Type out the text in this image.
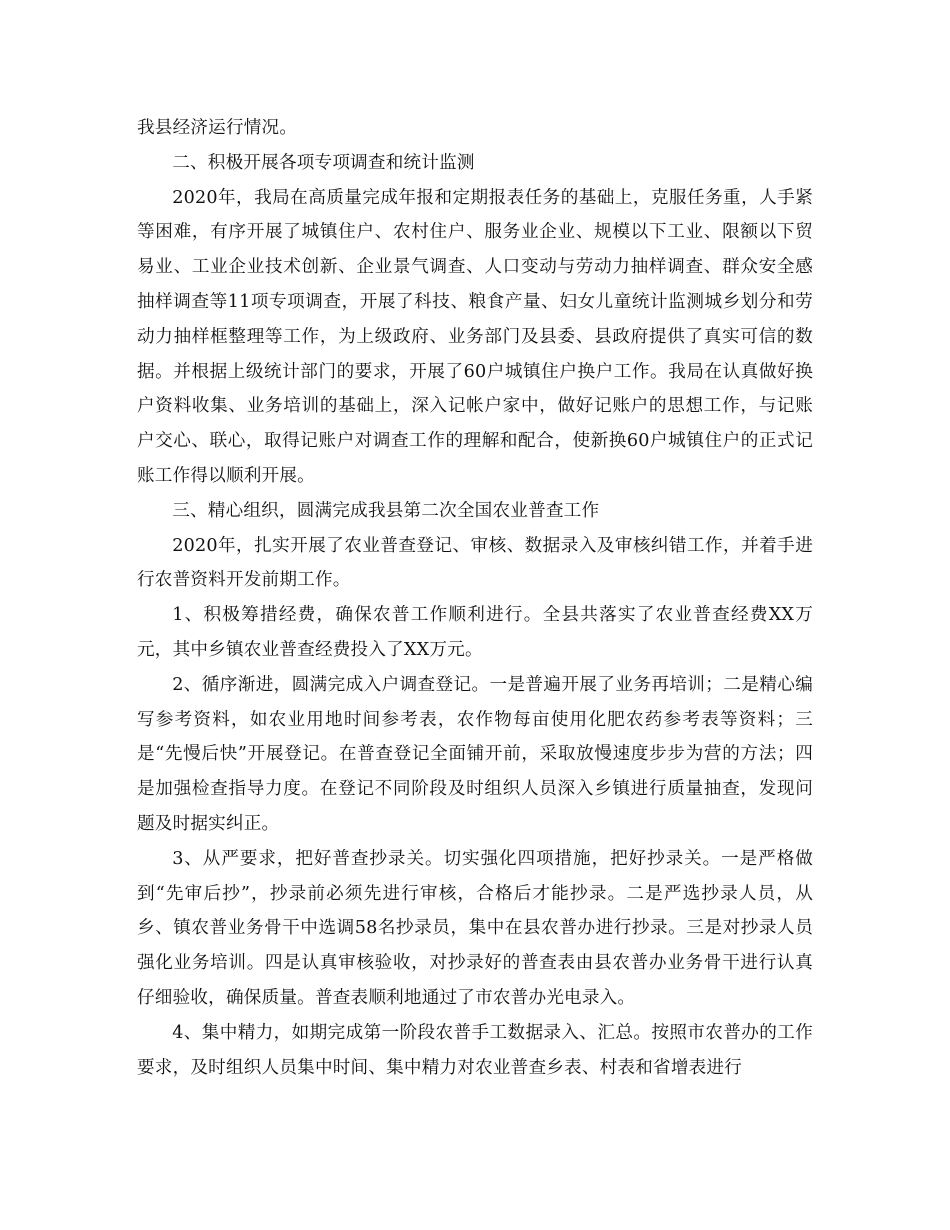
我县经济运行情况。

二、积极开展各项专项调查和统计监测

2020年，我局在高质量完成年报和定期报表任务的基础上，克服任务重，人手紧等困难，有序开展了城镇住户、农村住户、服务业企业、规模以下工业、限额以下贸易业、工业企业技术创新、企业景气调查、人口变动与劳动力抽样调查、群众安全感抽样调查等11项专项调查，开展了科技、粮食产量、妇女儿童统计监测城乡划分和劳动力抽样框整理等工作，为上级政府、业务部门及县委、县政府提供了真实可信的数据。并根据上级统计部门的要求，开展了60户城镇住户换户工作。我局在认真做好换户资料收集、业务培训的基础上，深入记帐户家中，做好记账户的思想工作，与记账户交心、联心，取得记账户对调查工作的理解和配合，使新换60户城镇住户的正式记账工作得以顺利开展。

三、精心组织，圆满完成我县第二次全国农业普查工作

2020年，扎实开展了农业普查登记、审核、数据录入及审核纠错工作，并着手进行农普资料开发前期工作。

1、积极筹措经费，确保农普工作顺利进行。全县共落实了农业普查经费XX万元，其中乡镇农业普查经费投入了XX万元。

2、循序渐进，圆满完成入户调查登记。一是普遍开展了业务再培训；二是精心编写参考资料，如农业用地时间参考表，农作物每亩使用化肥农药参考表等资料；三是“先慢后快”开展登记。在普查登记全面铺开前，采取放慢速度步步为营的方法；四是加强检查指导力度。在登记不同阶段及时组织人员深入乡镇进行质量抽查，发现问题及时据实纠正。

3、从严要求，把好普查抄录关。切实强化四项措施，把好抄录关。一是严格做到“先审后抄”，抄录前必须先进行审核，合格后才能抄录。二是严选抄录人员，从乡、镇农普业务骨干中选调58名抄录员，集中在县农普办进行抄录。三是对抄录人员强化业务培训。四是认真审核验收，对抄录好的普查表由县农普办业务骨干进行认真仔细验收，确保质量。普查表顺利地通过了市农普办光电录入。

4、集中精力，如期完成第一阶段农普手工数据录入、汇总。按照市农普办的工作要求，及时组织人员集中时间、集中精力对农业普查乡表、村表和省增表进行
